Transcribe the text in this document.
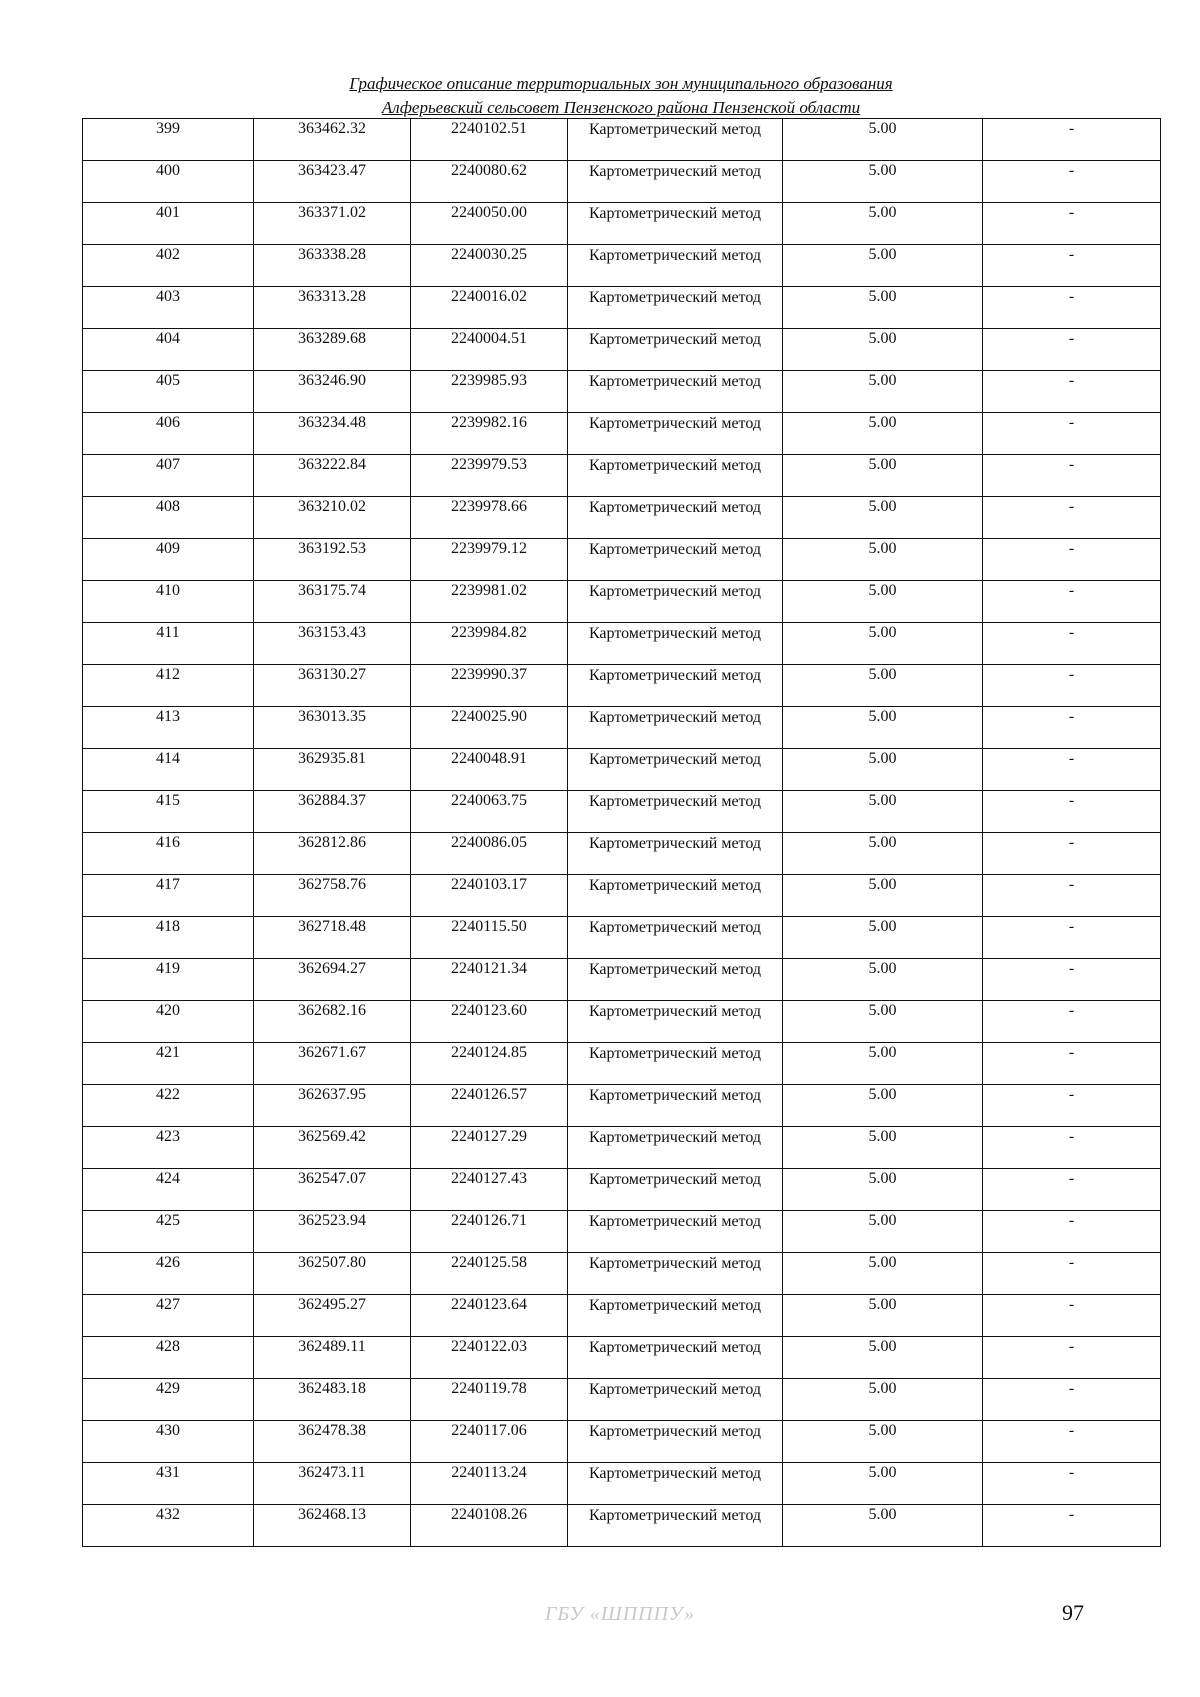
Графическое описание территориальных зон муниципального образования
Алферьевский сельсовет Пензенского района Пензенской области
399	363462.32	2240102.51	Картометрический метод	5.00	-
400	363423.47	2240080.62	Картометрический метод	5.00	-
401	363371.02	2240050.00	Картометрический метод	5.00	-
402	363338.28	2240030.25	Картометрический метод	5.00	-
403	363313.28	2240016.02	Картометрический метод	5.00	-
404	363289.68	2240004.51	Картометрический метод	5.00	-
405	363246.90	2239985.93	Картометрический метод	5.00	-
406	363234.48	2239982.16	Картометрический метод	5.00	-
407	363222.84	2239979.53	Картометрический метод	5.00	-
408	363210.02	2239978.66	Картометрический метод	5.00	-
409	363192.53	2239979.12	Картометрический метод	5.00	-
410	363175.74	2239981.02	Картометрический метод	5.00	-
411	363153.43	2239984.82	Картометрический метод	5.00	-
412	363130.27	2239990.37	Картометрический метод	5.00	-
413	363013.35	2240025.90	Картометрический метод	5.00	-
414	362935.81	2240048.91	Картометрический метод	5.00	-
415	362884.37	2240063.75	Картометрический метод	5.00	-
416	362812.86	2240086.05	Картометрический метод	5.00	-
417	362758.76	2240103.17	Картометрический метод	5.00	-
418	362718.48	2240115.50	Картометрический метод	5.00	-
419	362694.27	2240121.34	Картометрический метод	5.00	-
420	362682.16	2240123.60	Картометрический метод	5.00	-
421	362671.67	2240124.85	Картометрический метод	5.00	-
422	362637.95	2240126.57	Картометрический метод	5.00	-
423	362569.42	2240127.29	Картометрический метод	5.00	-
424	362547.07	2240127.43	Картометрический метод	5.00	-
425	362523.94	2240126.71	Картометрический метод	5.00	-
426	362507.80	2240125.58	Картометрический метод	5.00	-
427	362495.27	2240123.64	Картометрический метод	5.00	-
428	362489.11	2240122.03	Картометрический метод	5.00	-
429	362483.18	2240119.78	Картометрический метод	5.00	-
430	362478.38	2240117.06	Картометрический метод	5.00	-
431	362473.11	2240113.24	Картометрический метод	5.00	-
432	362468.13	2240108.26	Картометрический метод	5.00	-
ГБУ «ШПППУ»	97
